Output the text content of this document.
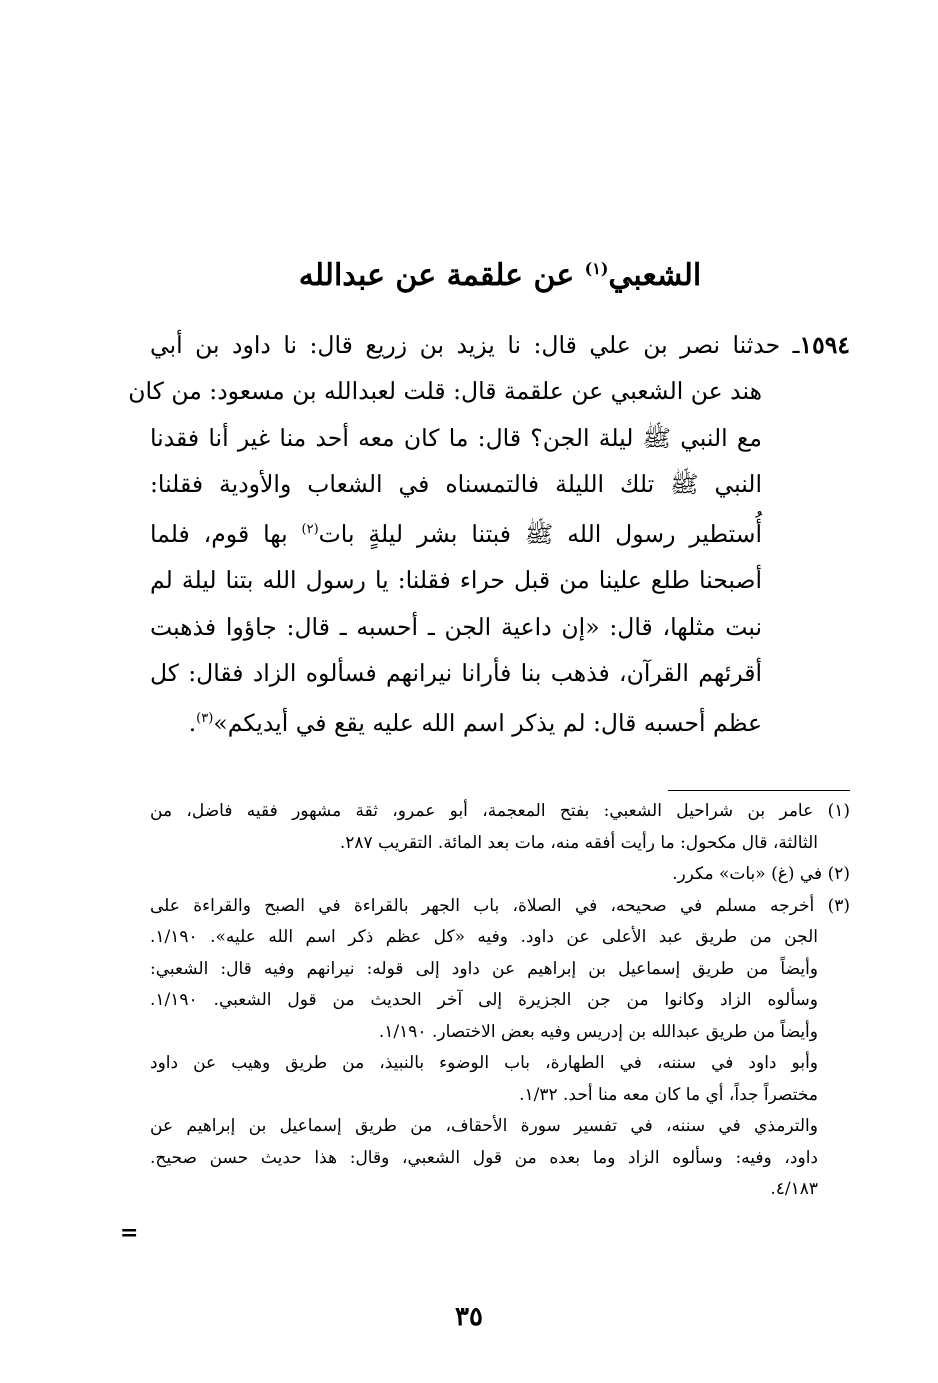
الشعبي$^{(١)}$ عن علقمة عن عبدالله
١٥٩٤ـ حدثنا نصر بن علي قال: نا يزيد بن زريع قال: نا داود بن أبي
هند عن الشعبي عن علقمة قال: قلت لعبدالله بن مسعود: من كان
مع النبي ﷺ ليلة الجن؟ قال: ما كان معه أحد منا غير أنا فقدنا
النبي ﷺ تلك الليلة فالتمسناه في الشعاب والأودية فقلنا:
أُستطير رسول الله ﷺ فبتنا بشر ليلةٍ بات$^{(٢)}$ بها قوم، فلما
أصبحنا طلع علينا من قبل حراء فقلنا: يا رسول الله بتنا ليلة لم
نبت مثلها، قال: «إن داعية الجن ـ أحسبه ـ قال: جاؤوا فذهبت
أقرئهم القرآن، فذهب بنا فأرانا نيرانهم فسألوه الزاد فقال: كل
عظم أحسبه قال: لم يذكر اسم الله عليه يقع في أيديكم»$^{(٣)}$.
(١) عامر بن شراحيل الشعبي: بفتح المعجمة، أبو عمرو، ثقة مشهور فقيه فاضل، من
الثالثة، قال مكحول: ما رأيت أفقه منه، مات بعد المائة. التقريب ٢٨٧.
(٢) في (غ) «بات» مكرر.
(٣) أخرجه مسلم في صحيحه، في الصلاة، باب الجهر بالقراءة في الصبح والقراءة على
الجن من طريق عبد الأعلى عن داود. وفيه «كل عظم ذكر اسم الله عليه». ١/١٩٠.
وأيضاً من طريق إسماعيل بن إبراهيم عن داود إلى قوله: نيرانهم وفيه قال: الشعبي:
وسألوه الزاد وكانوا من جن الجزيرة إلى آخر الحديث من قول الشعبي. ١/١٩٠.
وأيضاً من طريق عبدالله بن إدريس وفيه بعض الاختصار. ١/١٩٠.
وأبو داود في سننه، في الطهارة، باب الوضوء بالنبيذ، من طريق وهيب عن داود
مختصراً جداً، أي ما كان معه منا أحد. ١/٣٢.
والترمذي في سننه، في تفسير سورة الأحقاف، من طريق إسماعيل بن إبراهيم عن
داود، وفيه: وسألوه الزاد وما بعده من قول الشعبي، وقال: هذا حديث حسن صحيح.
٤/١٨٣.
=
٣٥
